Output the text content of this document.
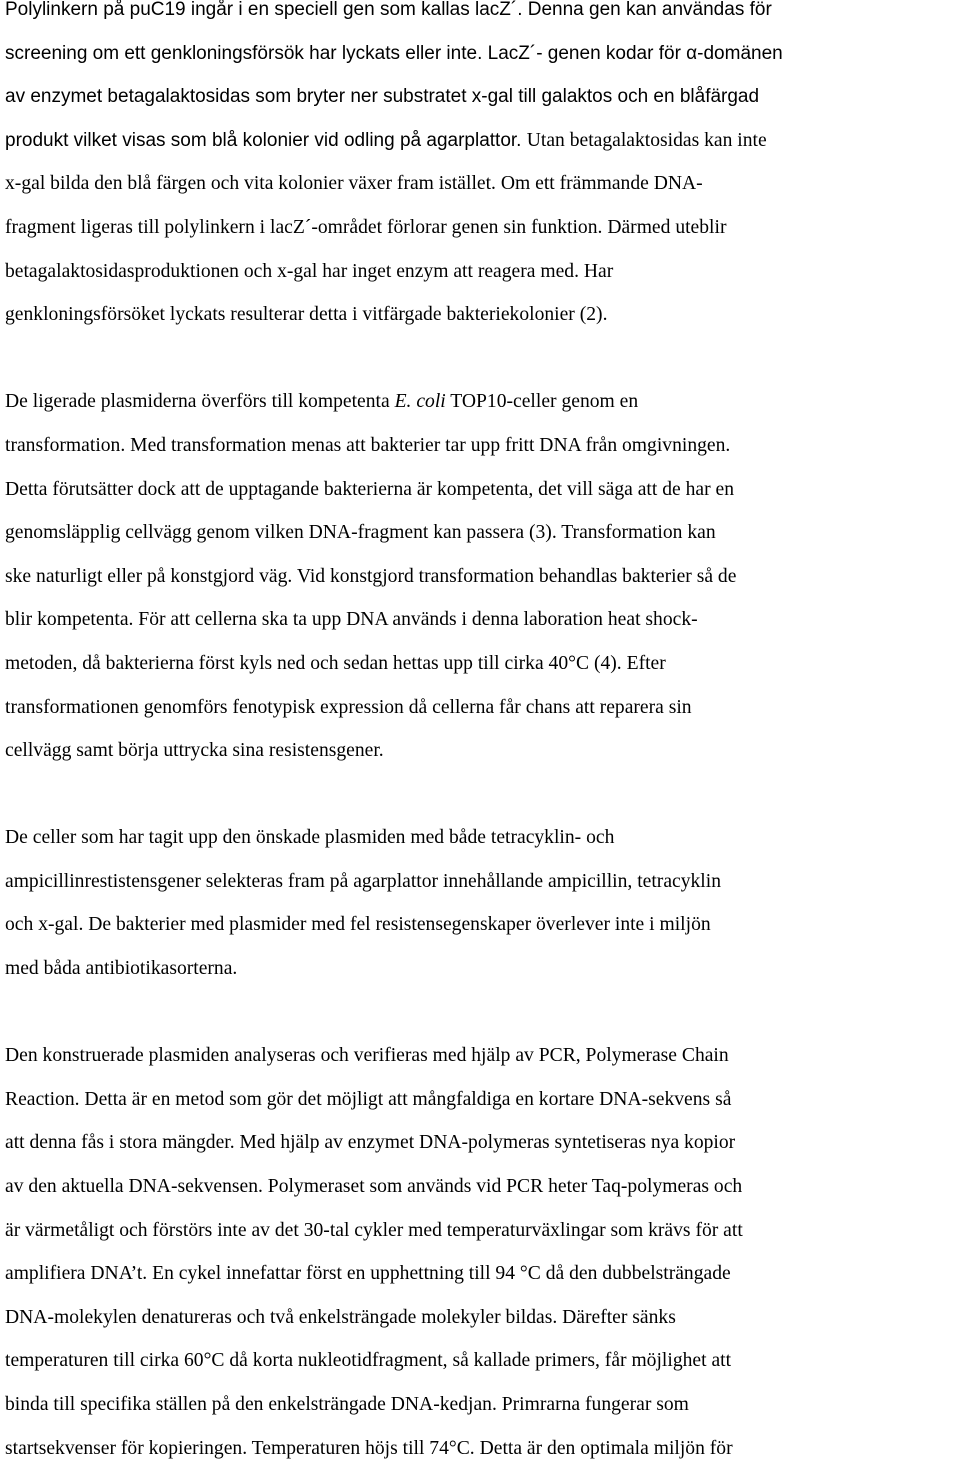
Polylinkern på puC19 ingår i en speciell gen som kallas lacZ´. Denna gen kan användas för
screening om ett genkloningsförsök har lyckats eller inte. LacZ´- genen kodar för α-domänen
av enzymet betagalaktosidas som bryter ner substratet x-gal till galaktos och en blåfärgad
produkt vilket visas som blå kolonier vid odling på agarplattor. Utan betagalaktosidas kan inte
x-gal bilda den blå färgen och vita kolonier växer fram istället. Om ett främmande DNA-
fragment ligeras till polylinkern i lacZ´-området förlorar genen sin funktion. Därmed uteblir
betagalaktosidasproduktionen och x-gal har inget enzym att reagera med. Har
genkloningsförsöket lyckats resulterar detta i vitfärgade bakteriekolonier (2).
De ligerade plasmiderna överförs till kompetenta E. coli TOP10-celler genom en
transformation. Med transformation menas att bakterier tar upp fritt DNA från omgivningen.
Detta förutsätter dock att de upptagande bakterierna är kompetenta, det vill säga att de har en
genomsläpplig cellvägg genom vilken DNA-fragment kan passera (3). Transformation kan
ske naturligt eller på konstgjord väg. Vid konstgjord transformation behandlas bakterier så de
blir kompetenta. För att cellerna ska ta upp DNA används i denna laboration heat shock-
metoden, då bakterierna först kyls ned och sedan hettas upp till cirka 40°C (4). Efter
transformationen genomförs fenotypisk expression då cellerna får chans att reparera sin
cellvägg samt börja uttrycka sina resistensgener.
De celler som har tagit upp den önskade plasmiden med både tetracyklin- och
ampicillinrestistensgener selekteras fram på agarplattor innehållande ampicillin, tetracyklin
och x-gal. De bakterier med plasmider med fel resistensegenskaper överlever inte i miljön
med båda antibiotikasorterna.
Den konstruerade plasmiden analyseras och verifieras med hjälp av PCR, Polymerase Chain
Reaction. Detta är en metod som gör det möjligt att mångfaldiga en kortare DNA-sekvens så
att denna fås i stora mängder. Med hjälp av enzymet DNA-polymeras syntetiseras nya kopior
av den aktuella DNA-sekvensen. Polymeraset som används vid PCR heter Taq-polymeras och
är värmetåligt och förstörs inte av det 30-tal cykler med temperaturväxlingar som krävs för att
amplifiera DNA’t. En cykel innefattar först en upphettning till 94 °C då den dubbelsträngade
DNA-molekylen denatureras och två enkelsträngade molekyler bildas. Därefter sänks
temperaturen till cirka 60°C då korta nukleotidfragment, så kallade primers, får möjlighet att
binda till specifika ställen på den enkelsträngade DNA-kedjan. Primrarna fungerar som
startsekvenser för kopieringen. Temperaturen höjs till 74°C. Detta är den optimala miljön för
